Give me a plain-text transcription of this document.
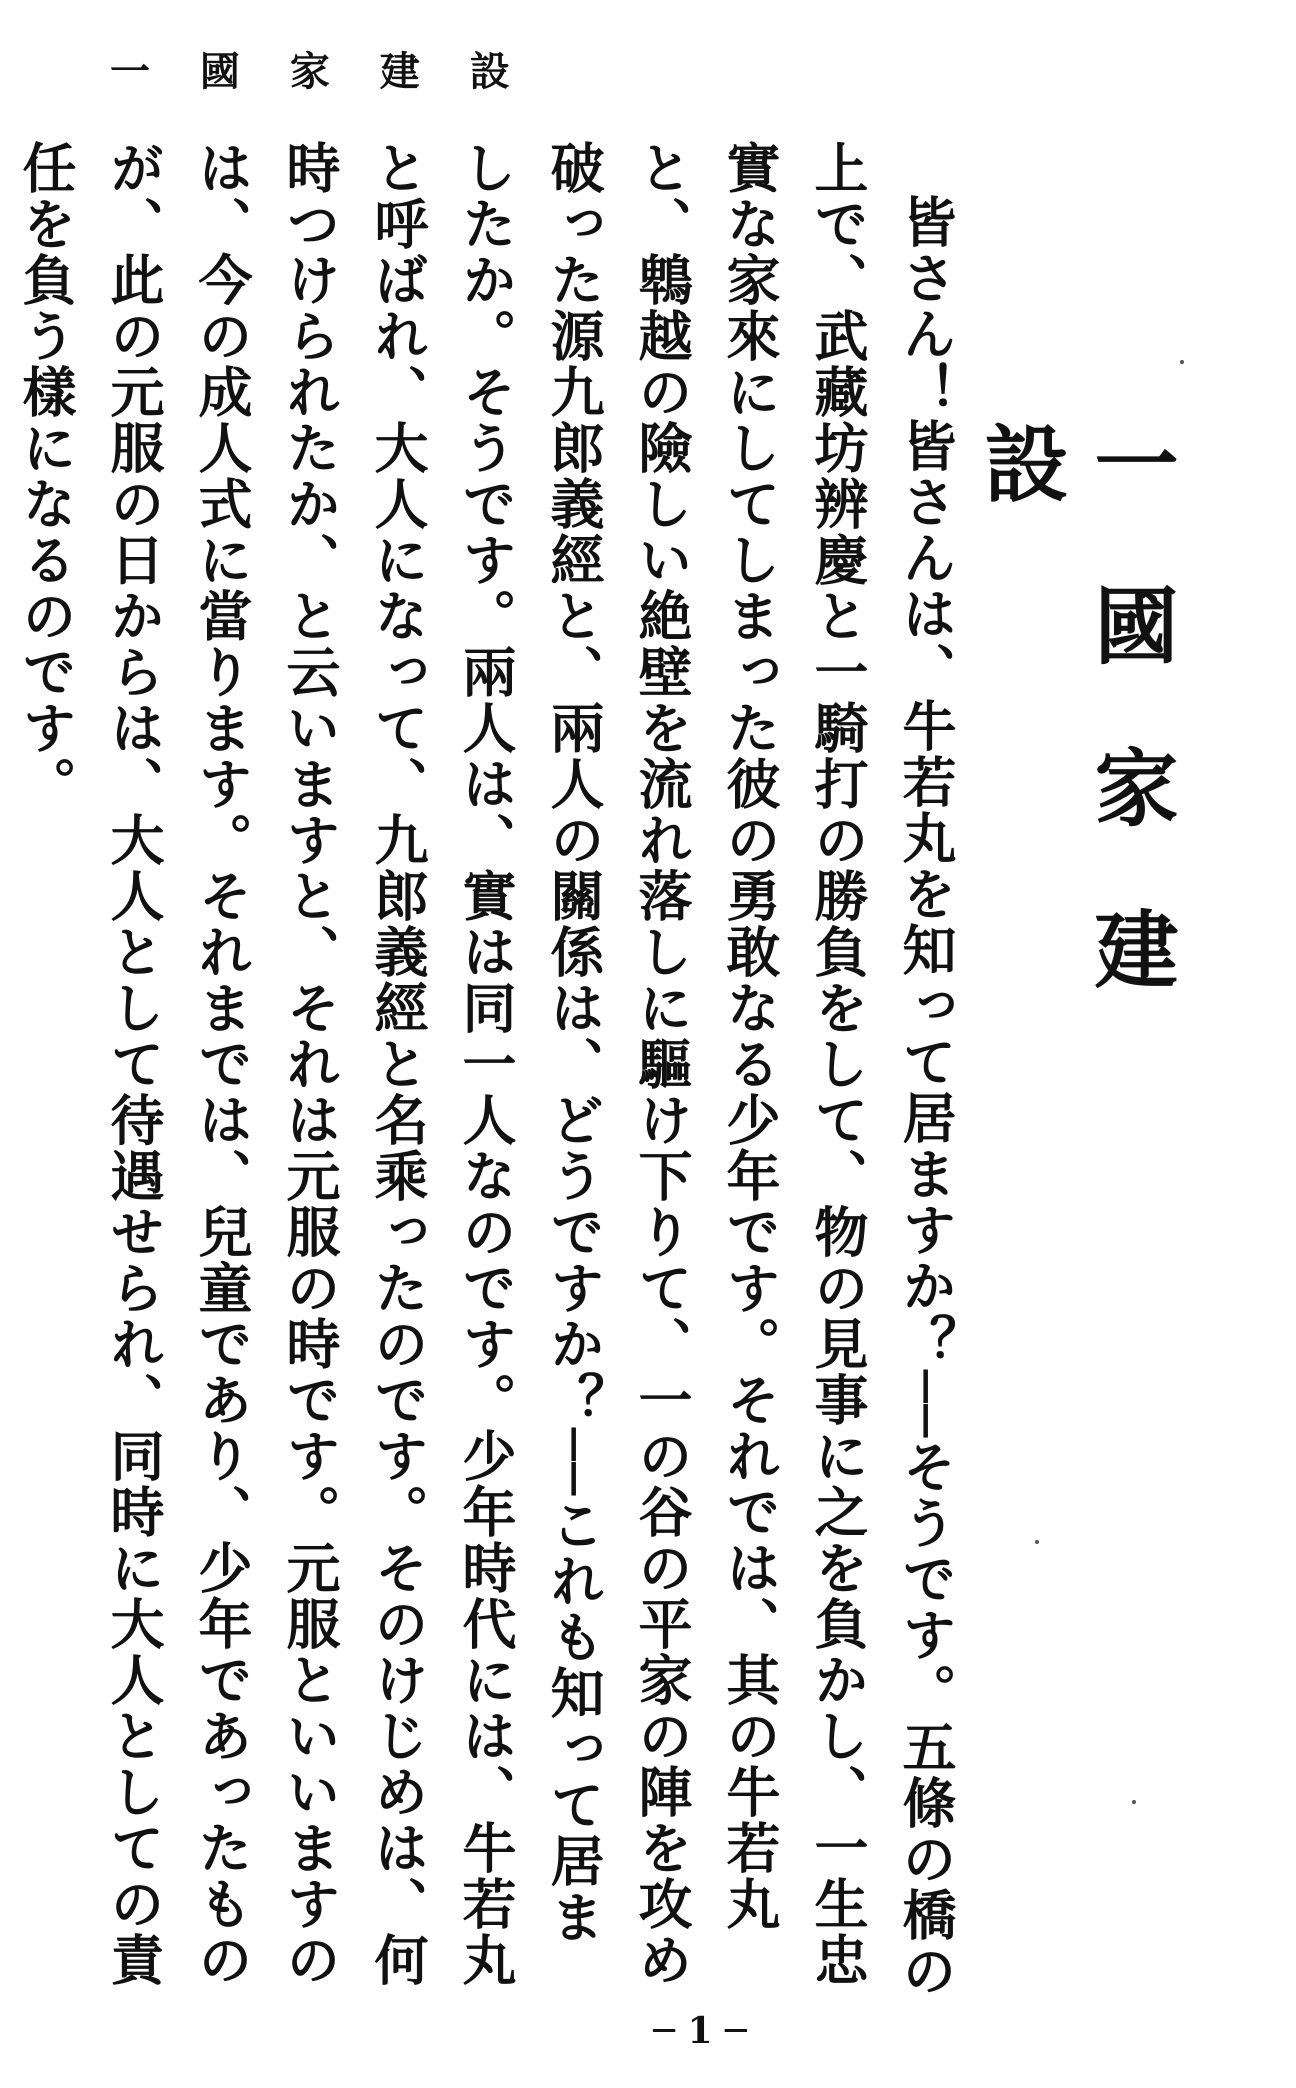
一 國 家 建 設
一國家建設

皆さん！皆さんは、牛若丸を知って居ますか？──そうです。五條の橋の上で、武藏坊辨慶と一騎打の勝負をして、物の見事に之を負かし、一生忠實な家來にしてしまった彼の勇敢なる少年です。それでは、其の牛若丸と、鵯越の險しい絶壁を流れ落しに驅け下りて、一の谷の平家の陣を攻め破った源九郎義經と、兩人の關係は、どうですか？──これも知って居ましたか。そうです。兩人は、實は同一人なのです。少年時代には、牛若丸と呼ばれ、大人になって、九郎義經と名乘ったのです。そのけじめは、何時つけられたか、と云いますと、それは元服の時です。元服といいますのは、今の成人式に當ります。それまでは、兒童であり、少年であったものが、此の元服の日からは、大人として待遇せられ、同時に大人としての責任を負う樣になるのです。

─ 1 ─
